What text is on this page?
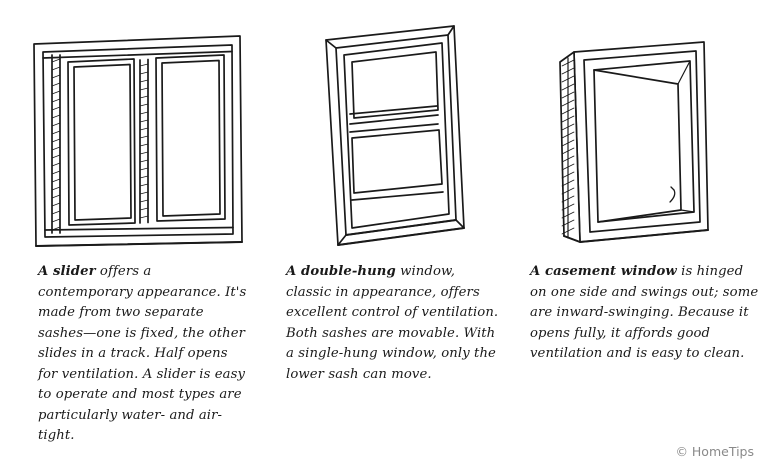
A slider offers a contemporary appearance. It's made from two separate sashes—one is fixed, the other slides in a track. Half opens for ventilation. A slider is easy to operate and most types are particularly water- and air-tight.
A double-hung window, classic in appearance, offers excellent control of ventilation. Both sashes are movable. With a single-hung window, only the lower sash can move.
A casement window is hinged on one side and swings out; some are inward-swinging. Because it opens fully, it affords good ventilation and is easy to clean.
© HomeTips
